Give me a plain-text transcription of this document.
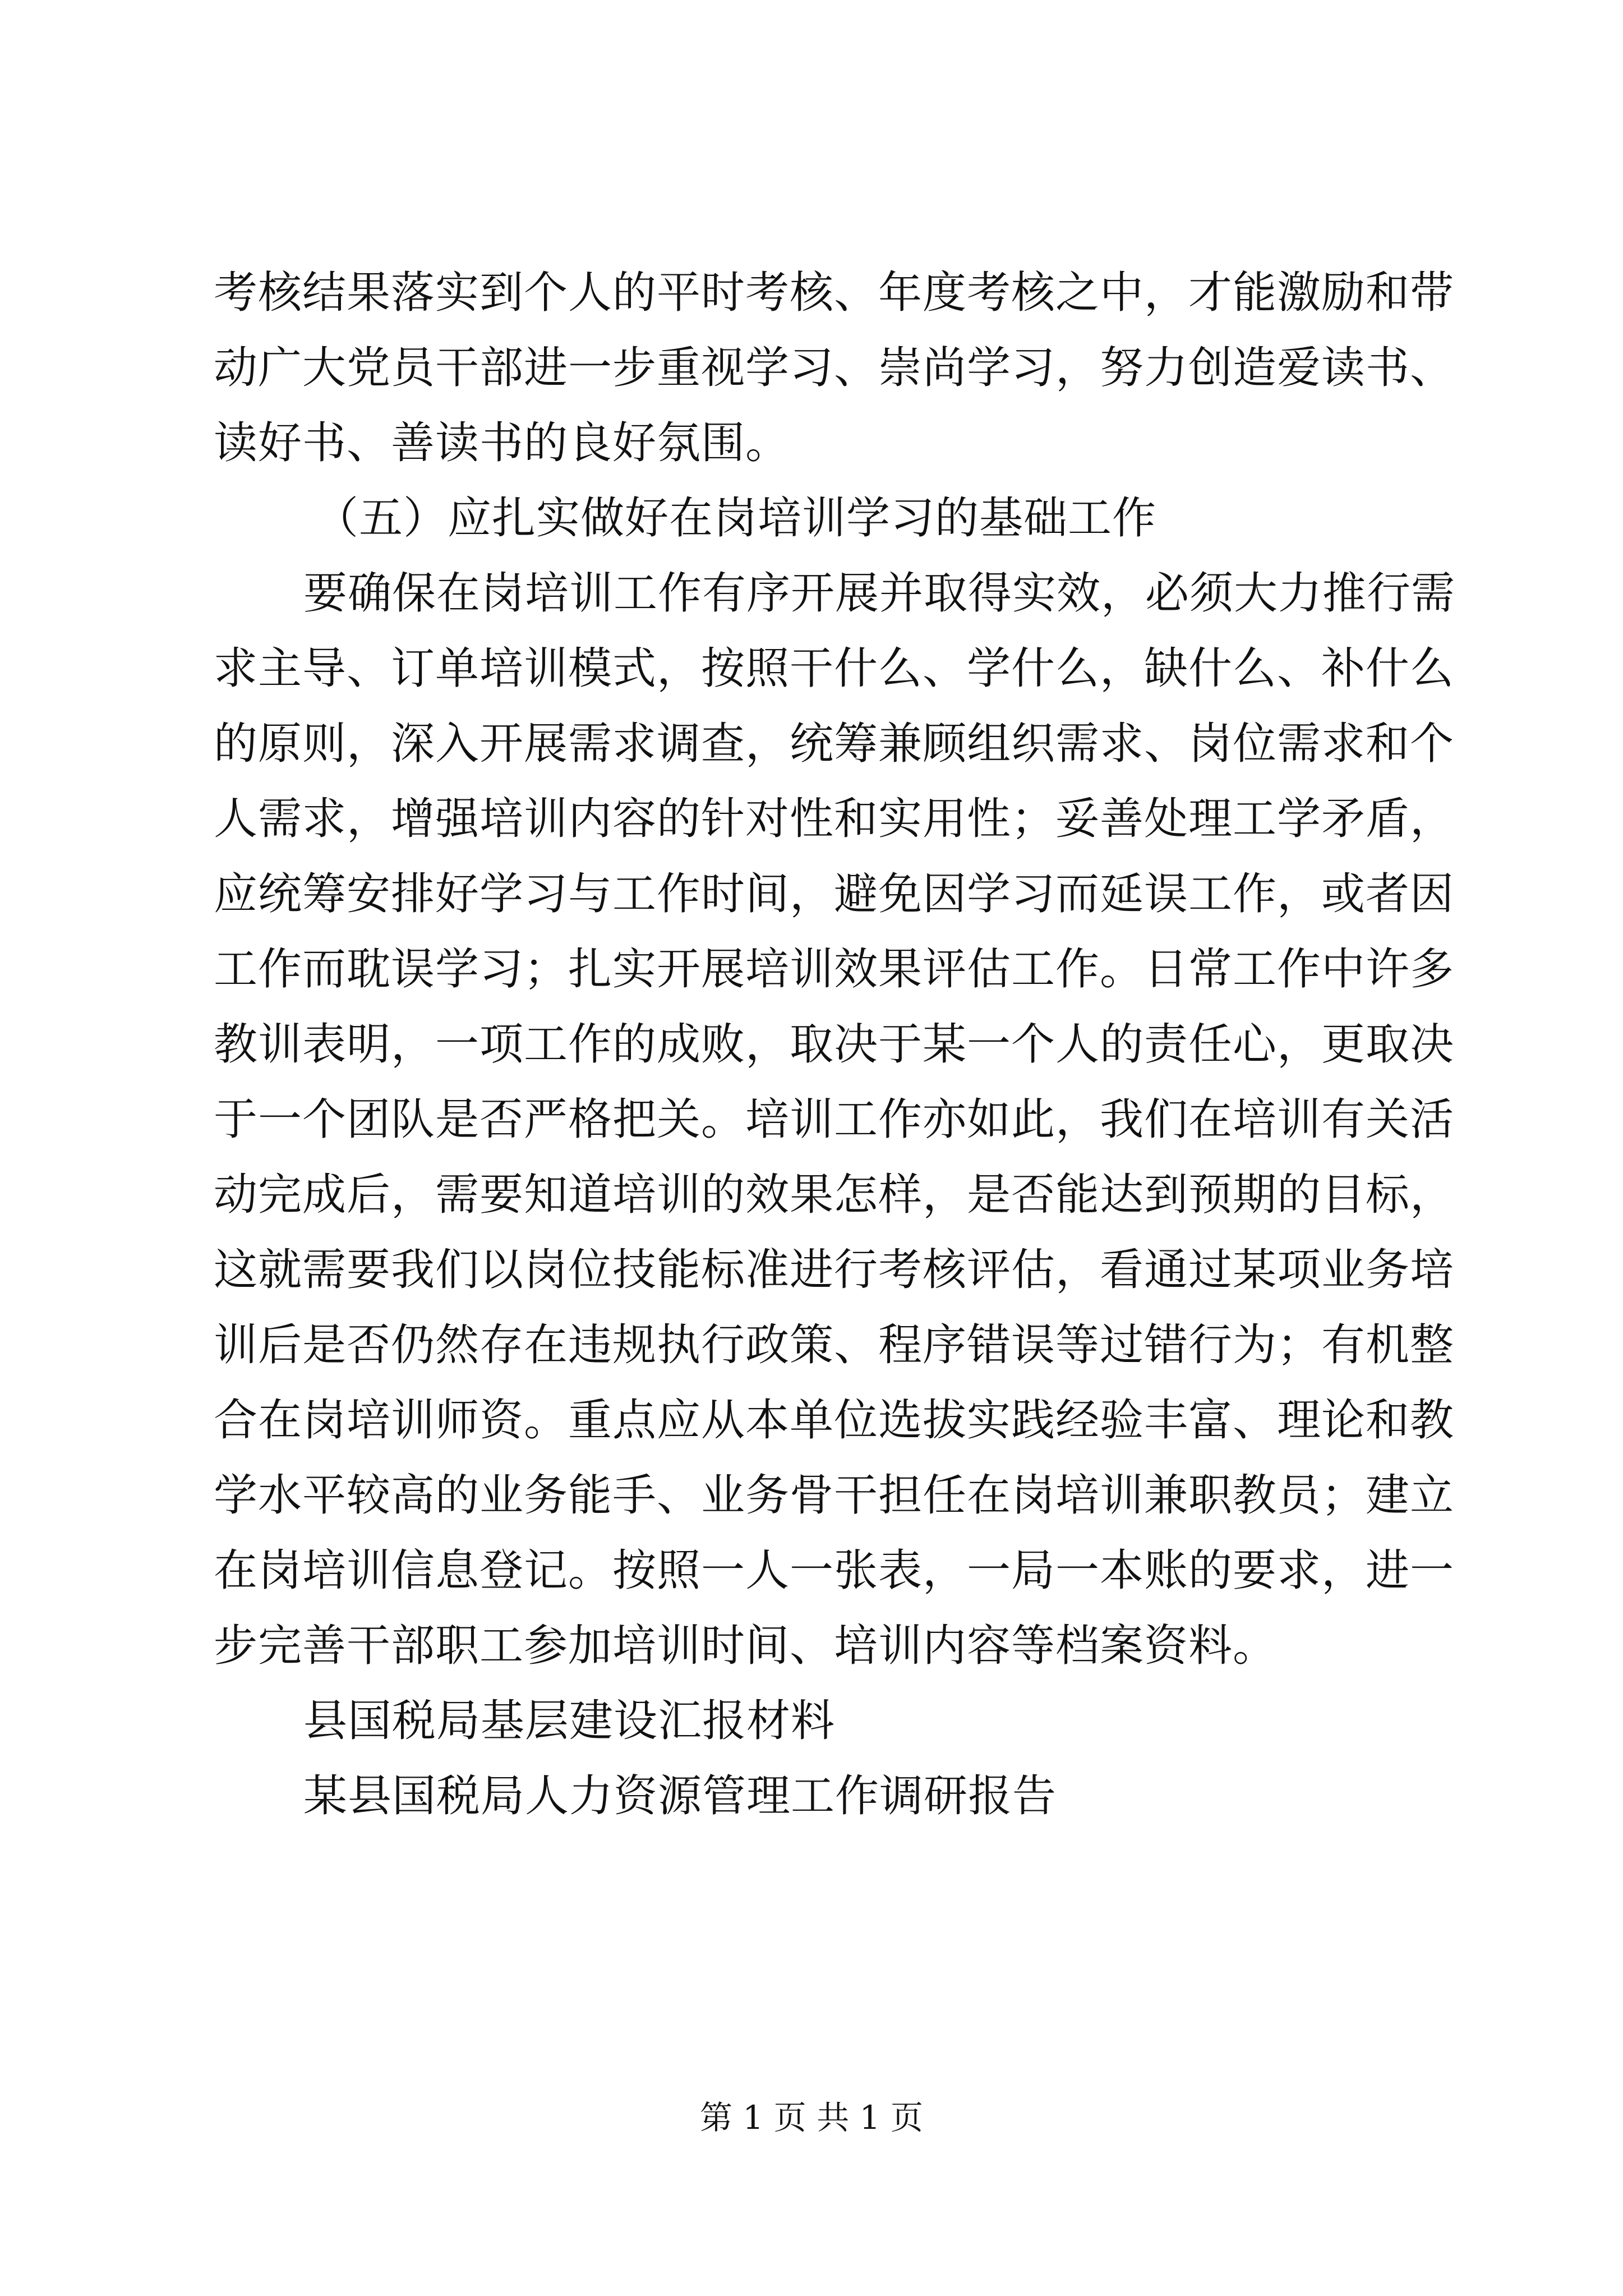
考核结果落实到个人的平时考核、年度考核之中，才能激励和带
动广大党员干部进一步重视学习、崇尚学习，努力创造爱读书、
读好书、善读书的良好氛围。
（五）应扎实做好在岗培训学习的基础工作
要确保在岗培训工作有序开展并取得实效，必须大力推行需
求主导、订单培训模式，按照干什么、学什么，缺什么、补什么
的原则，深入开展需求调查，统筹兼顾组织需求、岗位需求和个
人需求，增强培训内容的针对性和实用性；妥善处理工学矛盾，
应统筹安排好学习与工作时间，避免因学习而延误工作，或者因
工作而耽误学习；扎实开展培训效果评估工作。日常工作中许多
教训表明，一项工作的成败，取决于某一个人的责任心，更取决
于一个团队是否严格把关。培训工作亦如此，我们在培训有关活
动完成后，需要知道培训的效果怎样，是否能达到预期的目标，
这就需要我们以岗位技能标准进行考核评估，看通过某项业务培
训后是否仍然存在违规执行政策、程序错误等过错行为；有机整
合在岗培训师资。重点应从本单位选拔实践经验丰富、理论和教
学水平较高的业务能手、业务骨干担任在岗培训兼职教员；建立
在岗培训信息登记。按照一人一张表，一局一本账的要求，进一
步完善干部职工参加培训时间、培训内容等档案资料。
县国税局基层建设汇报材料
某县国税局人力资源管理工作调研报告
第 1 页 共 1 页
